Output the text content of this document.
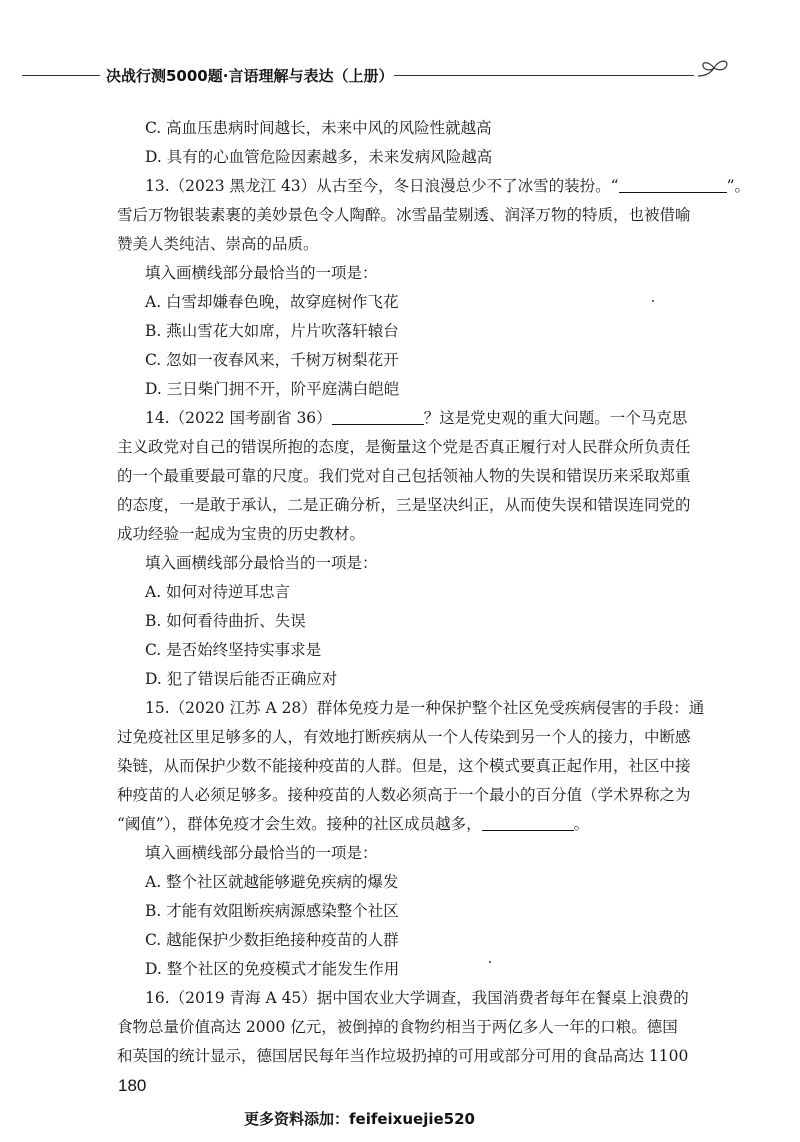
决战行测5000题·言语理解与表达（上册）
C. 高血压患病时间越长，未来中风的风险性就越高
D. 具有的心血管危险因素越多，未来发病风险越高
13.（2023 黑龙江 43）从古至今，冬日浪漫总少不了冰雪的装扮。“	”。
雪后万物银装素裹的美妙景色令人陶醉。冰雪晶莹剔透、润泽万物的特质，也被借喻
赞美人类纯洁、崇高的品质。
填入画横线部分最恰当的一项是：
A. 白雪却嫌春色晚，故穿庭树作飞花
B. 燕山雪花大如席，片片吹落轩辕台
C. 忽如一夜春风来，千树万树梨花开
D. 三日柴门拥不开，阶平庭满白皑皑
14.（2022 国考副省 36）	？这是党史观的重大问题。一个马克思
主义政党对自己的错误所抱的态度，是衡量这个党是否真正履行对人民群众所负责任
的一个最重要最可靠的尺度。我们党对自己包括领袖人物的失误和错误历来采取郑重
的态度，一是敢于承认，二是正确分析，三是坚决纠正，从而使失误和错误连同党的
成功经验一起成为宝贵的历史教材。
填入画横线部分最恰当的一项是：
A. 如何对待逆耳忠言
B. 如何看待曲折、失误
C. 是否始终坚持实事求是
D. 犯了错误后能否正确应对
15.（2020 江苏 A 28）群体免疫力是一种保护整个社区免受疾病侵害的手段：通
过免疫社区里足够多的人，有效地打断疾病从一个人传染到另一个人的接力，中断感
染链，从而保护少数不能接种疫苗的人群。但是，这个模式要真正起作用，社区中接
种疫苗的人必须足够多。接种疫苗的人数必须高于一个最小的百分值（学术界称之为
“阈值”），群体免疫才会生效。接种的社区成员越多，	。
填入画横线部分最恰当的一项是：
A. 整个社区就越能够避免疾病的爆发
B. 才能有效阻断疾病源感染整个社区
C. 越能保护少数拒绝接种疫苗的人群
D. 整个社区的免疫模式才能发生作用
16.（2019 青海 A 45）据中国农业大学调查，我国消费者每年在餐桌上浪费的
食物总量价值高达 2000 亿元，被倒掉的食物约相当于两亿多人一年的口粮。德国
和英国的统计显示，德国居民每年当作垃圾扔掉的可用或部分可用的食品高达 1100
180
更多资料添加：feifeixuejie520
